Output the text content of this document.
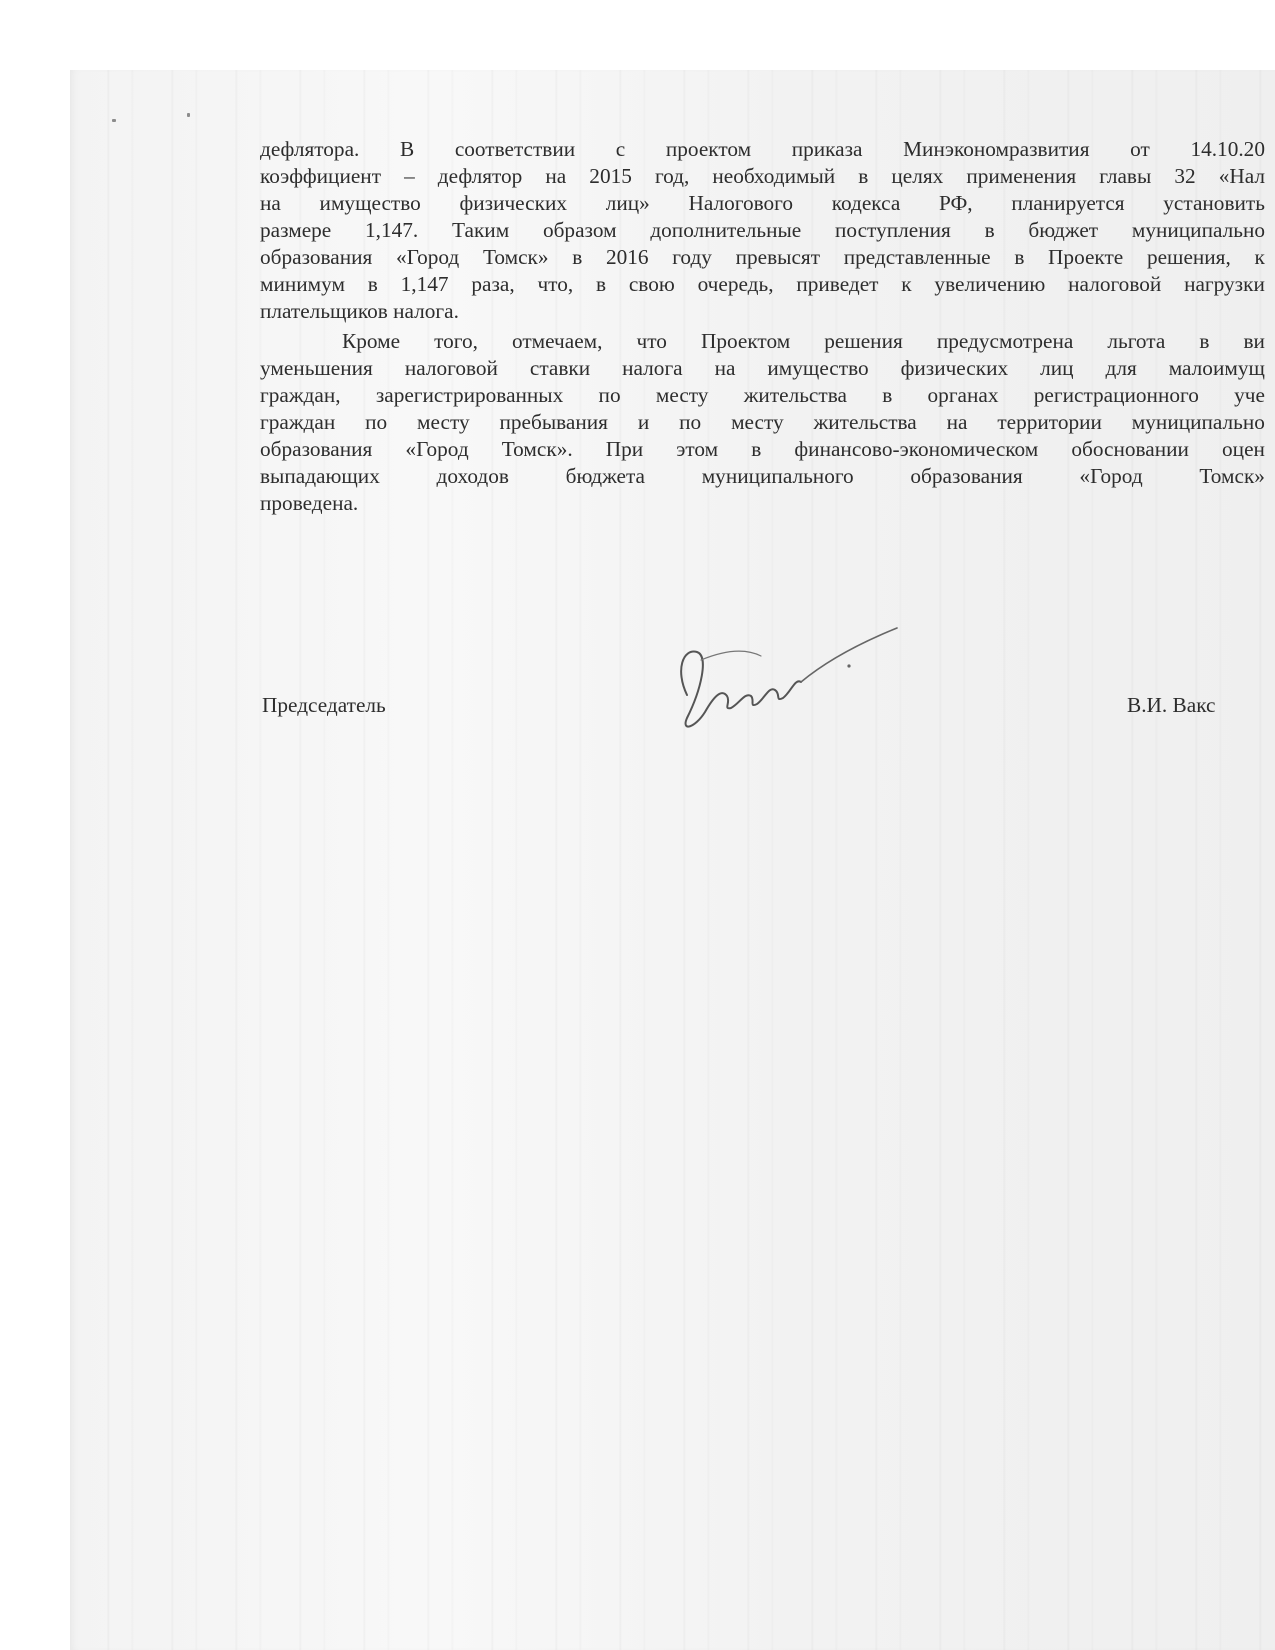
дефлятора. В соответствии с проектом приказа Минэкономразвития от 14.10.20
коэффициент – дефлятор на 2015 год, необходимый в целях применения главы 32 «Нал
на имущество физических лиц» Налогового кодекса РФ, планируется установить
размере 1,147. Таким образом дополнительные поступления в бюджет муниципально
образования «Город Томск» в 2016 году превысят представленные в Проекте решения, к
минимум в 1,147 раза, что, в свою очередь, приведет к увеличению налоговой нагрузки
плательщиков налога.
Кроме того, отмечаем, что Проектом решения предусмотрена льгота в ви
уменьшения налоговой ставки налога на имущество физических лиц для малоимущ
граждан, зарегистрированных по месту жительства в органах регистрационного уче
граждан по месту пребывания и по месту жительства на территории муниципально
образования «Город Томск». При этом в финансово-экономическом обосновании оцен
выпадающих	доходов	бюджета	муниципального	образования	«Город	Томск»
проведена.
Председатель	В.И. Вакс
